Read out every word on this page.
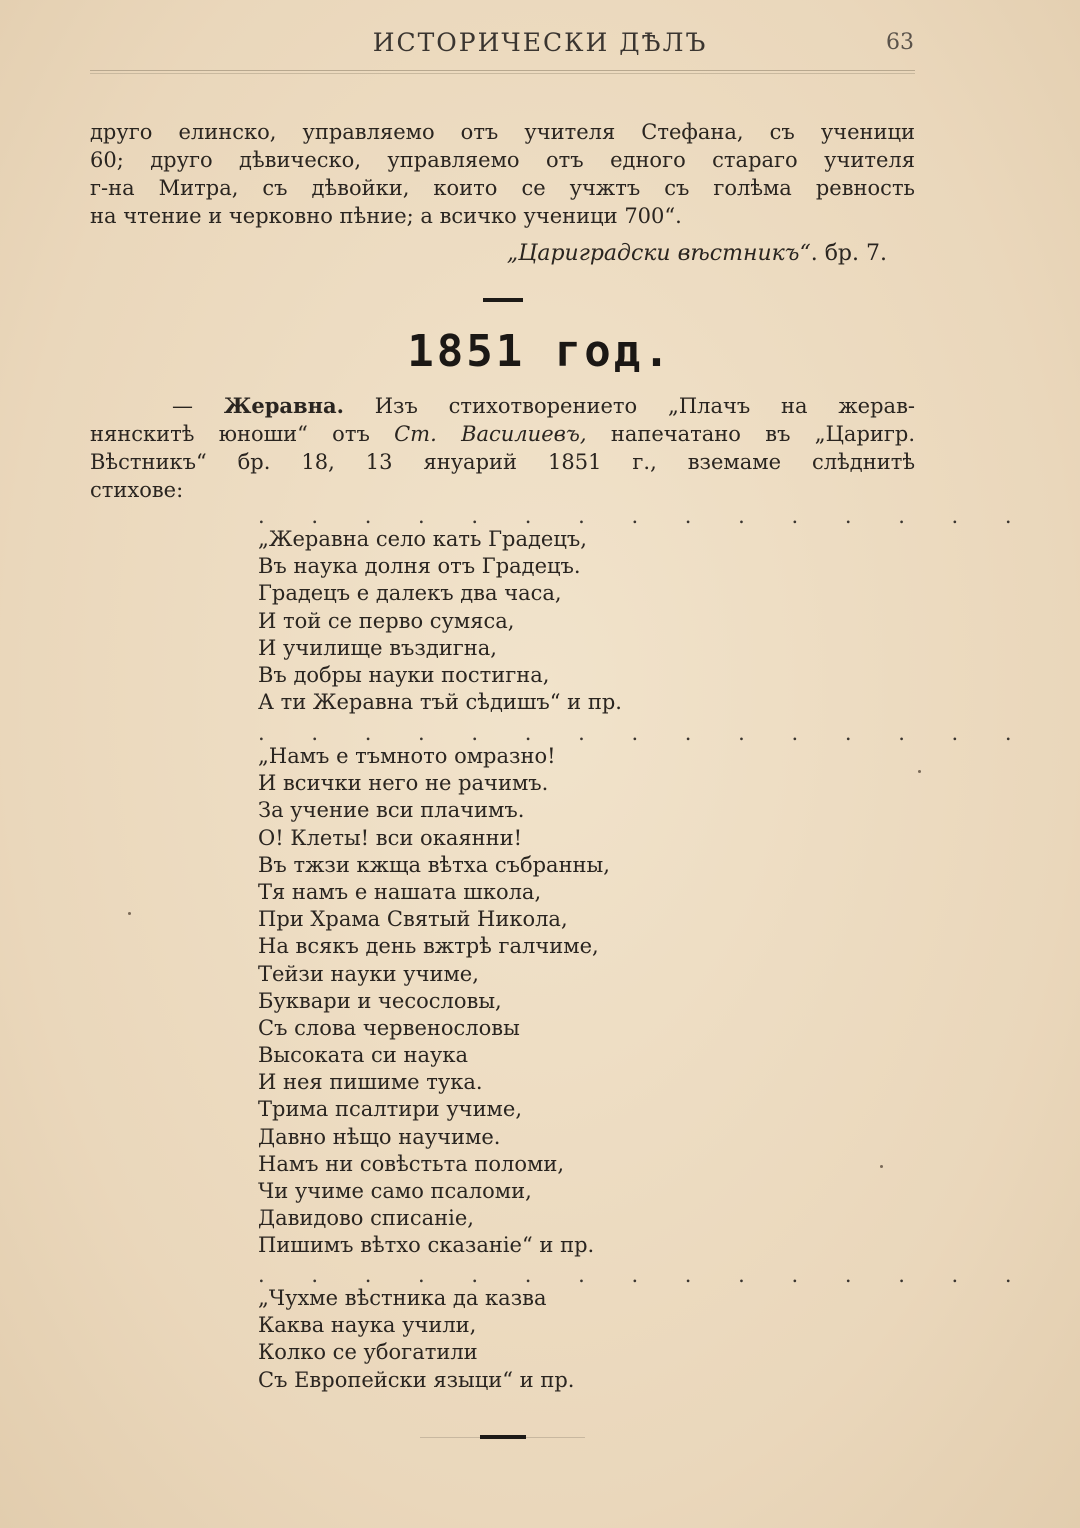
ИСТОРИЧЕСКИ ДѢЛЪ	63

друго елинско, управляемо отъ учителя Стефана, съ ученици

60; друго дѣвическо, управляемо отъ едного стараго учителя

г-на Митра, съ дѣвойки, които се учжтъ съ голѣма ревность

на чтение и черковно пѣние; а всичко ученици 700“.

„Цариградски вѣстникъ“. бр. 7.
1851 год.
— Жеравна. Изъ стихотворението „Плачъ на жерав-
нянскитѣ юноши“ отъ Ст. Василиевъ, напечатано въ „Царигр.
Вѣстникъ“ бр. 18, 13 януарий 1851 г., вземаме слѣднитѣ
стихове:
. . . . . . . . . . . . . . .
„Жеравна село кать Градецъ,
Въ наука долня отъ Градецъ.
Градецъ е далекъ два часа,
И той се перво сумяса,
И училище въздигна,
Въ добры науки постигна,
А ти Жеравна тъй сѣдишъ“ и пр.
. . . . . . . . . . . . . . .
„Намъ е тъмното омразно!
И всички него не рачимъ.
За учение вси плачимъ.
О! Клеты! вси окаянни!
Въ тжзи кжща вѣтха събранны,
Тя намъ е нашата школа,
При Храма Святый Никола,
На всякъ день вжтрѣ галчиме,
Тейзи науки учиме,
Буквари и чесословы,
Съ слова червенословы
Высоката си наука
И нея пишиме тука.
Трима псалтири учиме,
Давно нѣщо научиме.
Намъ ни совѣстьта поломи,
Чи учиме само псаломи,
Давидово списаніе,
Пишимъ вѣтхо сказаніе“ и пр.
. . . . . . . . . . . . . . .
„Чухме вѣстника да казва
Каква наука учили,
Колко се убогатили
Съ Европейски языци“ и пр.
